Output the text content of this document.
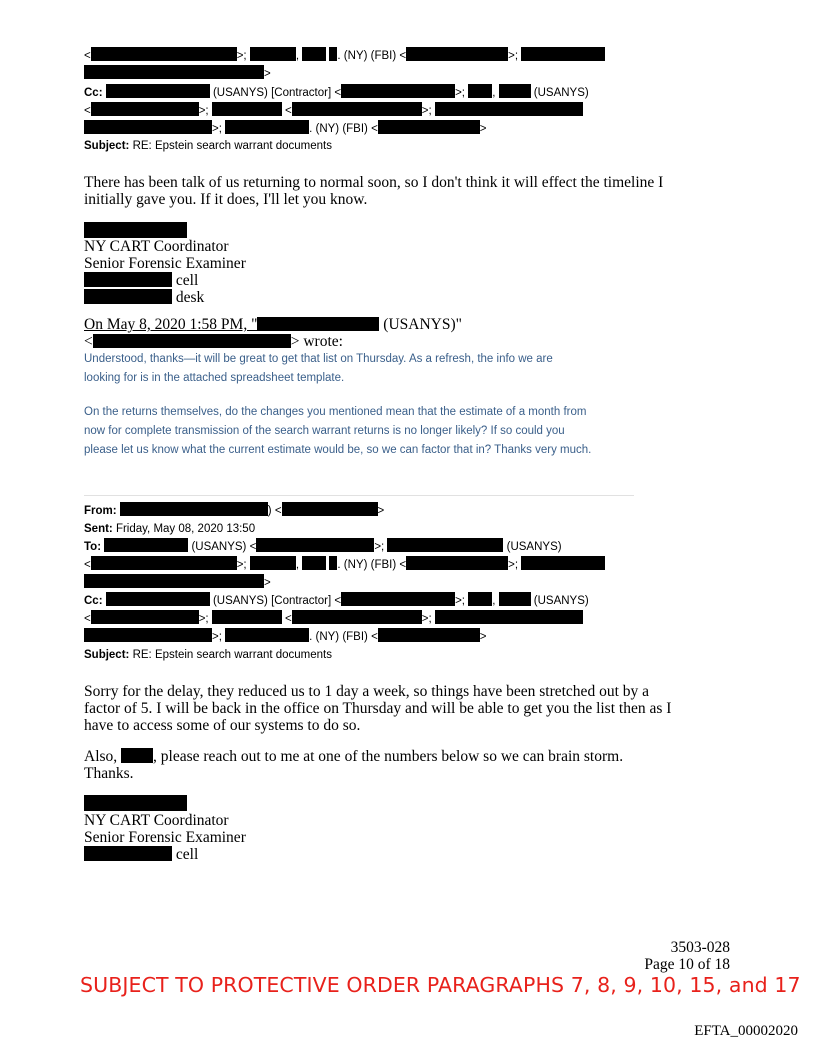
<	>;	,	. (NY) (FBI) <	>;
>
Cc:	(USANYS) [Contractor] <	>; ,	(USANYS)
<	>;	<	>;
>;	. (NY) (FBI) <	>
Subject: RE: Epstein search warrant documents
There has been talk of us returning to normal soon, so I don't think it will effect the timeline I
initially gave you. If it does, I'll let you know.
NY CART Coordinator
Senior Forensic Examiner
cell
desk
On May 8, 2020 1:58 PM, "	(USANYS)"
<	> wrote:
Understood, thanks—it will be great to get that list on Thursday. As a refresh, the info we are
looking for is in the attached spreadsheet template.
On the returns themselves, do the changes you mentioned mean that the estimate of a month from
now for complete transmission of the search warrant returns is no longer likely? If so could you
please let us know what the current estimate would be, so we can factor that in? Thanks very much.
From:	) <	>
Sent: Friday, May 08, 2020 13:50
To:	(USANYS) <	>;	(USANYS)
<	>;	,	. (NY) (FBI) <	>;
>
Cc:	(USANYS) [Contractor] <	>; ,	(USANYS)
<	>;	<	>;
>;	. (NY) (FBI) <	>
Subject: RE: Epstein search warrant documents
Sorry for the delay, they reduced us to 1 day a week, so things have been stretched out by a
factor of 5. I will be back in the office on Thursday and will be able to get you the list then as I
have to access some of our systems to do so.
Also, , please reach out to me at one of the numbers below so we can brain storm.
Thanks.
NY CART Coordinator
Senior Forensic Examiner
cell
3503-028
Page 10 of 18
SUBJECT TO PROTECTIVE ORDER PARAGRAPHS 7, 8, 9, 10, 15, and 17
EFTA_00002020
